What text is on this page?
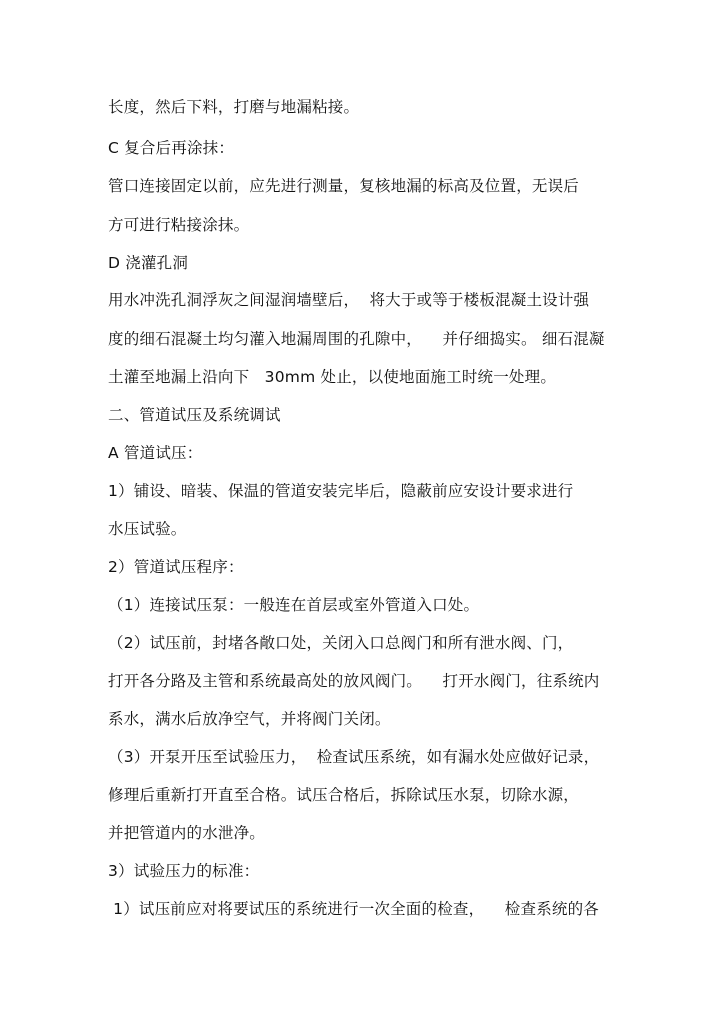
长度，然后下料，打磨与地漏粘接。
C 复合后再涂抹：
管口连接固定以前，应先进行测量，复核地漏的标高及位置，无误后
方可进行粘接涂抹。
D 浇灌孔洞
用水冲洗孔洞浮灰之间湿润墙壁后，  将大于或等于楼板混凝土设计强
度的细石混凝土均匀灌入地漏周围的孔隙中，    并仔细捣实。 细石混凝
土灌至地漏上沿向下   30mm 处止，以使地面施工时统一处理。
二、管道试压及系统调试
A 管道试压：
1）铺设、暗装、保温的管道安装完毕后，隐蔽前应安设计要求进行
水压试验。
2）管道试压程序：
（1）连接试压泵：一般连在首层或室外管道入口处。
（2）试压前，封堵各敞口处，关闭入口总阀门和所有泄水阀、门，
打开各分路及主管和系统最高处的放风阀门。    打开水阀门，往系统内
系水，满水后放净空气，并将阀门关闭。
（3）开泵开压至试验压力，  检查试压系统，如有漏水处应做好记录，
修理后重新打开直至合格。试压合格后，拆除试压水泵，切除水源，
并把管道内的水泄净。
3）试验压力的标准：
1）试压前应对将要试压的系统进行一次全面的检查，    检查系统的各
